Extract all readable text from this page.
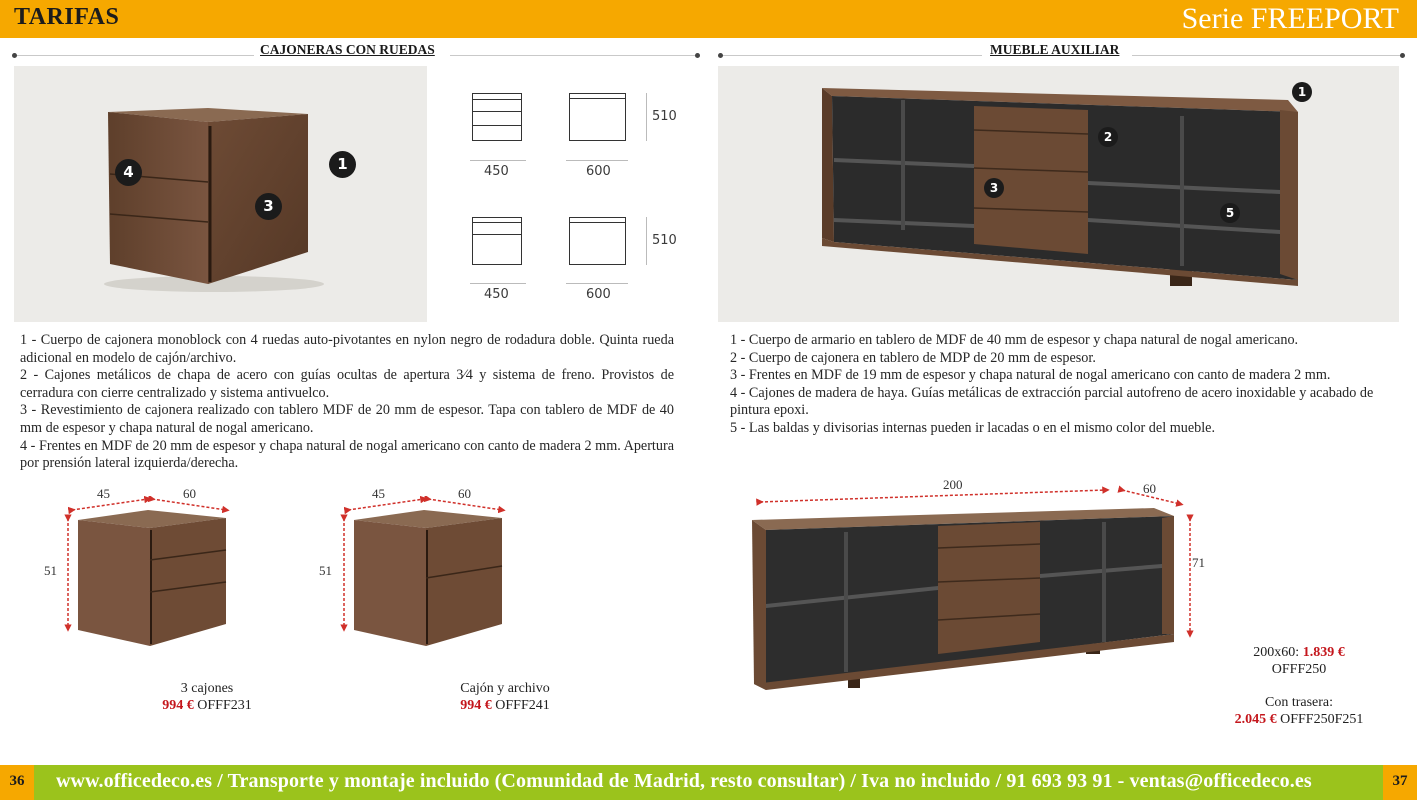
TARIFAS	Serie FREEPORT
CAJONERAS CON RUEDAS	MUEBLE AUXILIAR
4
3
1
510
450	600
510
450	600
1
2
3
5

1 - Cuerpo de cajonera monoblock con 4 ruedas auto-pivotantes en nylon negro de rodadura doble. Quinta rueda adicional en modelo de cajón/archivo.

2 - Cajones metálicos de chapa de acero con guías ocultas de apertura 3⁄4 y sistema de freno. Provistos de cerradura con cierre centralizado y sistema antivuelco.

3 - Revestimiento de cajonera realizado con tablero MDF de 20 mm de espesor. Tapa con tablero de MDF de 40 mm de espesor y chapa natural de nogal americano.

4 - Frentes en MDF de 20 mm de espesor y chapa natural de nogal americano con canto de madera 2 mm. Apertura por prensión lateral izquierda/derecha.

1 - Cuerpo de armario en tablero de MDF de 40 mm de espesor y chapa natural de nogal americano.

2 - Cuerpo de cajonera en tablero de MDP de 20 mm de espesor.

3 - Frentes en MDF de 19 mm de espesor y chapa natural de nogal americano con canto de madera 2 mm.

4 - Cajones de madera de haya. Guías metálicas de extracción parcial autofreno de acero inoxidable y acabado de pintura epoxi.

5 - Las baldas y divisorias internas pueden ir lacadas o en el mismo color del mueble.

45	60
51
3 cajones
994 € OFFF231
45	60
51
Cajón y archivo
994 € OFFF241
200	60
71
200x60: 1.839 €
OFFF250
Con trasera:
2.045 € OFFF250F251
36	www.officedeco.es / Transporte y montaje incluido (Comunidad de Madrid, resto consultar) / Iva no incluido / 91 693 93 91 - ventas@officedeco.es	37
